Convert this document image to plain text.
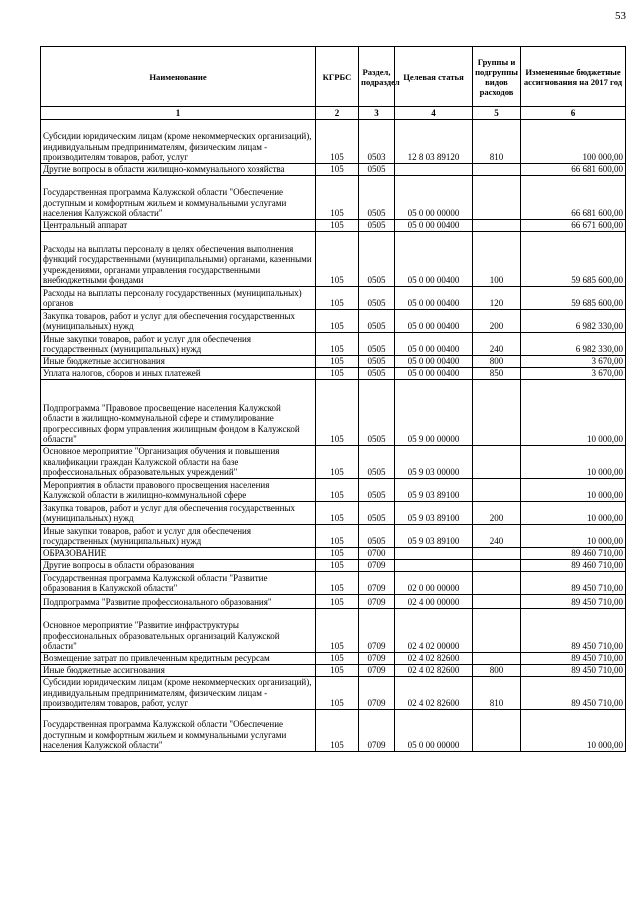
53
Наименование	КГРБС	Раздел, подраздел	Целевая статья	Группы и подгруппы видов расходов	Измененные бюджетные ассигнования на 2017 год
1	2	3	4	5	6
Субсидии юридическим лицам (кроме некоммерческих организаций), индивидуальным предпринимателям, физическим лицам - производителям товаров, работ, услуг	105	0503	12 8 03 89120	810	100 000,00
Другие вопросы в области жилищно-коммунального хозяйства	105	0505			66 681 600,00
Государственная программа Калужской области "Обеспечение доступным и комфортным жильем и коммунальными услугами населения Калужской области"	105	0505	05 0 00 00000		66 681 600,00
Центральный аппарат	105	0505	05 0 00 00400		66 671 600,00
Расходы на выплаты персоналу в целях обеспечения выполнения функций государственными (муниципальными) органами, казенными учреждениями, органами управления государственными внебюджетными фондами	105	0505	05 0 00 00400	100	59 685 600,00
Расходы на выплаты персоналу государственных (муниципальных) органов	105	0505	05 0 00 00400	120	59 685 600,00
Закупка товаров, работ и услуг для обеспечения государственных (муниципальных) нужд	105	0505	05 0 00 00400	200	6 982 330,00
Иные закупки товаров, работ и услуг для обеспечения государственных (муниципальных) нужд	105	0505	05 0 00 00400	240	6 982 330,00
Иные бюджетные ассигнования	105	0505	05 0 00 00400	800	3 670,00
Уплата налогов, сборов и иных платежей	105	0505	05 0 00 00400	850	3 670,00
Подпрограмма "Правовое просвещение населения Калужской области в жилищно-коммунальной сфере и стимулирование прогрессивных форм управления жилищным фондом в Калужской области"	105	0505	05 9 00 00000		10 000,00
Основное мероприятие "Организация обучения и повышения квалификации граждан Калужской области на базе профессиональных образовательных учреждений"	105	0505	05 9 03 00000		10 000,00
Мероприятия в области правового просвещения населения Калужской области в жилищно-коммунальной сфере	105	0505	05 9 03 89100		10 000,00
Закупка товаров, работ и услуг для обеспечения государственных (муниципальных) нужд	105	0505	05 9 03 89100	200	10 000,00
Иные закупки товаров, работ и услуг для обеспечения государственных (муниципальных) нужд	105	0505	05 9 03 89100	240	10 000,00
ОБРАЗОВАНИЕ	105	0700			89 460 710,00
Другие вопросы в области образования	105	0709			89 460 710,00
Государственная программа Калужской области "Развитие образования в Калужской области"	105	0709	02 0 00 00000		89 450 710,00
Подпрограмма "Развитие профессионального образования"	105	0709	02 4 00 00000		89 450 710,00
Основное мероприятие "Развитие инфраструктуры профессиональных образовательных организаций Калужской области"	105	0709	02 4 02 00000		89 450 710,00
Возмещение затрат по привлеченным кредитным ресурсам	105	0709	02 4 02 82600		89 450 710,00
Иные бюджетные ассигнования	105	0709	02 4 02 82600	800	89 450 710,00
Субсидии юридическим лицам (кроме некоммерческих организаций), индивидуальным предпринимателям, физическим лицам - производителям товаров, работ, услуг	105	0709	02 4 02 82600	810	89 450 710,00
Государственная программа Калужской области "Обеспечение доступным и комфортным жильем и коммунальными услугами населения Калужской области"	105	0709	05 0 00 00000		10 000,00
